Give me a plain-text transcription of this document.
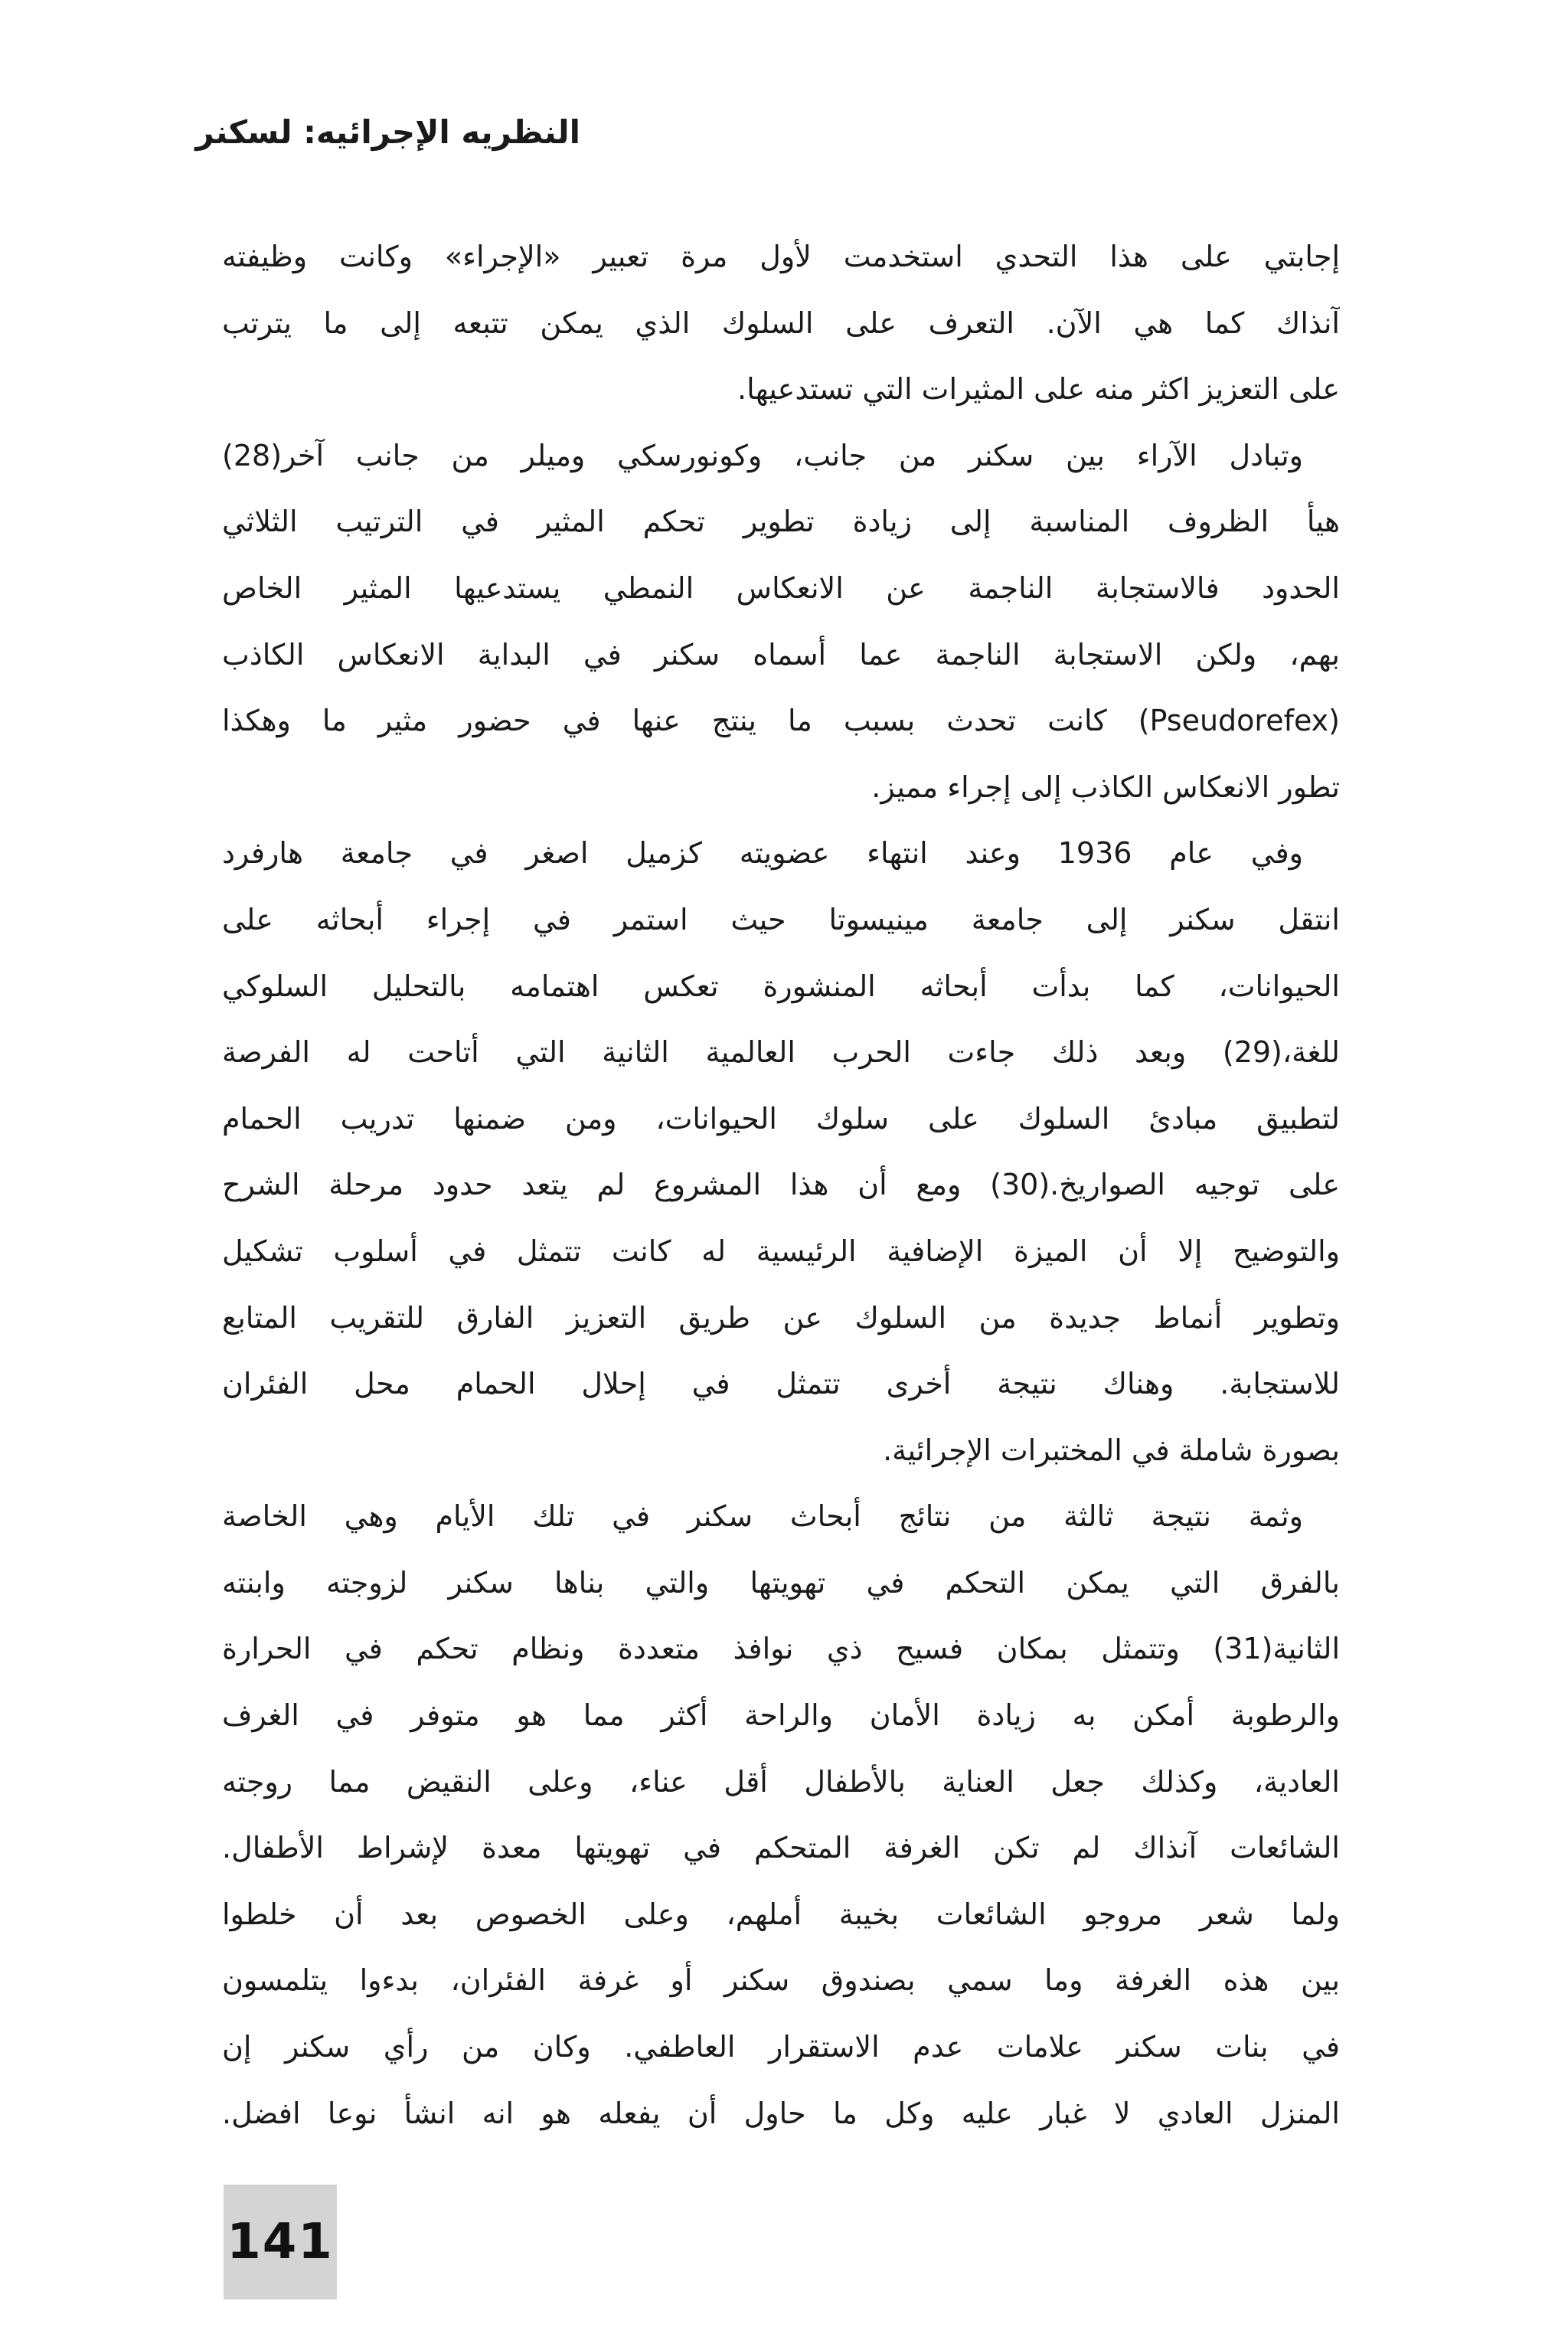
النظريه الإجرائيه: لسكنر
إجابتي على هذا التحدي استخدمت لأول مرة تعبير «الإجراء» وكانت وظيفته
آنذاك كما هي الآن. التعرف على السلوك الذي يمكن تتبعه إلى ما يترتب
على التعزيز اكثر منه على المثيرات التي تستدعيها.
وتبادل الآراء بين سكنر من جانب، وكونورسكي وميلر من جانب آخر(28)
هيأ الظروف المناسبة إلى زيادة تطوير تحكم المثير في الترتيب الثلاثي
الحدود فالاستجابة الناجمة عن الانعكاس النمطي يستدعيها المثير الخاص
بهم، ولكن الاستجابة الناجمة عما أسماه سكنر في البداية الانعكاس الكاذب
(Pseudorefex) كانت تحدث بسبب ما ينتج عنها في حضور مثير ما وهكذا
تطور الانعكاس الكاذب إلى إجراء مميز.
وفي عام 1936 وعند انتهاء عضويته كزميل اصغر في جامعة هارفرد
انتقل سكنر إلى جامعة مينيسوتا حيث استمر في إجراء أبحاثه على
الحيوانات، كما بدأت أبحاثه المنشورة تعكس اهتمامه بالتحليل السلوكي
للغة،(29) وبعد ذلك جاءت الحرب العالمية الثانية التي أتاحت له الفرصة
لتطبيق مبادئ السلوك على سلوك الحيوانات، ومن ضمنها تدريب الحمام
على توجيه الصواريخ.(30) ومع أن هذا المشروع لم يتعد حدود مرحلة الشرح
والتوضيح إلا أن الميزة الإضافية الرئيسية له كانت تتمثل في أسلوب تشكيل
وتطوير أنماط جديدة من السلوك عن طريق التعزيز الفارق للتقريب المتابع
للاستجابة. وهناك نتيجة أخرى تتمثل في إحلال الحمام محل الفئران
بصورة شاملة في المختبرات الإجرائية.
وثمة نتيجة ثالثة من نتائج أبحاث سكنر في تلك الأيام وهي الخاصة
بالفرق التي يمكن التحكم في تهويتها والتي بناها سكنر لزوجته وابنته
الثانية(31) وتتمثل بمكان فسيح ذي نوافذ متعددة ونظام تحكم في الحرارة
والرطوبة أمكن به زيادة الأمان والراحة أكثر مما هو متوفر في الغرف
العادية، وكذلك جعل العناية بالأطفال أقل عناء، وعلى النقيض مما روجته
الشائعات آنذاك لم تكن الغرفة المتحكم في تهويتها معدة لإشراط الأطفال.
ولما شعر مروجو الشائعات بخيبة أملهم، وعلى الخصوص بعد أن خلطوا
بين هذه الغرفة وما سمي بصندوق سكنر أو غرفة الفئران، بدءوا يتلمسون
في بنات سكنر علامات عدم الاستقرار العاطفي. وكان من رأي سكنر إن
المنزل العادي لا غبار عليه وكل ما حاول أن يفعله هو انه انشأ نوعا افضل.
141
